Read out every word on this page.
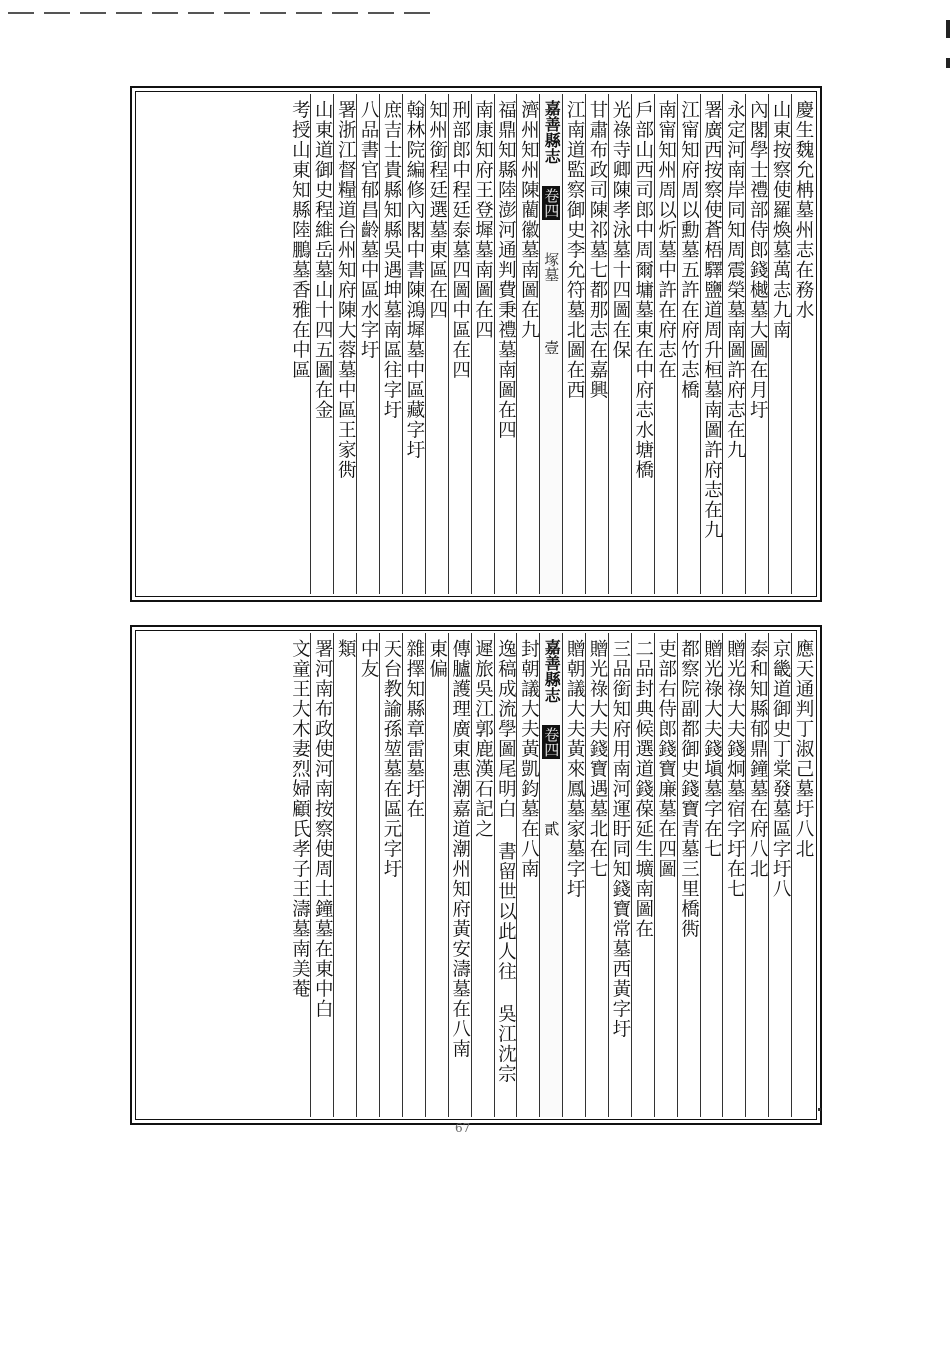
慶生魏允柟墓州志在務水
山東按察使羅煥墓萬志九南
內閣學士禮部侍郎錢樾墓大圖在月圩
永定河南岸同知周震榮墓南圖許府志在九
署廣西按察使蒼梧驛鹽道周升桓墓南圖許府志在九
江甯知府周以勳墓五許在府竹志橋
南甯知州周以炘墓中許在府志在
戶部山西司郎中周爾墉墓東在中府志水塘橋
光祿寺卿陳孝泳墓十四圖在保
甘肅布政司陳祁墓七都那志在嘉興
江南道監察御史李允符墓北圖在西
嘉善縣志 卷四 塚墓 壹
濟州知州陳藺徽墓南圖在九
福鼎知縣陸澎河通判費秉禮墓南圖在四
南康知府王登墀墓南圖在四
刑部郎中程廷泰墓四圖中區在四
知州銜程廷選墓東區在四
翰林院編修內閣中書陳鴻墀墓中區藏字圩
庶吉士貴縣知縣吳遇坤墓南區往字圩
八品書官郁昌齡墓中區水字圩
署浙江督糧道台州知府陳大蓉墓中區王家衖
山東道御史程維岳墓山十四五圖在金
考授山東知縣陸鵬墓香雅在中區
應天通判丁淑己墓圩八北
京畿道御史丁棠發墓區字圩八
泰和知縣郁鼎鐘墓在府八北
贈光祿大夫錢炯墓宿字圩在七
贈光祿大夫錢塡墓字在七
都察院副都御史錢寶青墓三里橋衖
吏部右侍郎錢寶廉墓在四圖
二品封典候選道錢葆延生壙南圖在
三品銜知府用南河運盱同知錢寶常墓西黃字圩
贈光祿大夫錢寶遇墓北在七
贈朝議大夫黃來鳳墓家墓字圩
嘉善縣志 卷四 貳
封朝議大夫黃凱鈞墓在八南
逸稿成流學圖尾明白 書留世以此人往 吳江沈宗
遲旅吳江郭鹿漢石記之
傳臚護理廣東惠潮嘉道潮州知府黃安濤墓在八南
東偏
雜擇知縣章雷墓圩在
天台教諭孫堃墓在區元字圩
中友
類
署河南布政使河南按察使周士鐘墓在東中白
文童王大木妻烈婦顧氏孝子王濤墓南美菴
67
